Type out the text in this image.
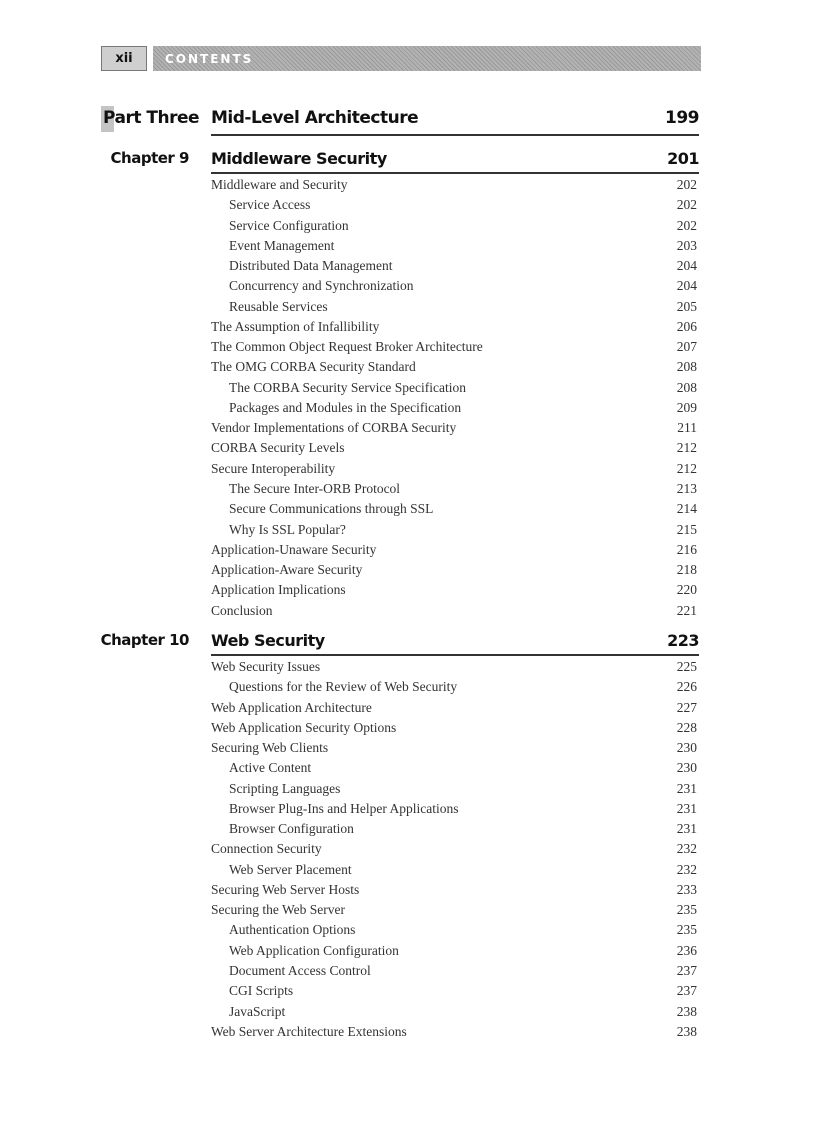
xii	CONTENTS
Part Three Mid-Level Architecture	199
Chapter 9 Middleware Security	201
Middleware and Security	202
Service Access	202
Service Configuration	202
Event Management	203
Distributed Data Management	204
Concurrency and Synchronization	204
Reusable Services	205
The Assumption of Infallibility	206
The Common Object Request Broker Architecture	207
The OMG CORBA Security Standard	208
The CORBA Security Service Specification	208
Packages and Modules in the Specification	209
Vendor Implementations of CORBA Security	211
CORBA Security Levels	212
Secure Interoperability	212
The Secure Inter-ORB Protocol	213
Secure Communications through SSL	214
Why Is SSL Popular?	215
Application-Unaware Security	216
Application-Aware Security	218
Application Implications	220
Conclusion	221
Chapter 10 Web Security	223
Web Security Issues	225
Questions for the Review of Web Security	226
Web Application Architecture	227
Web Application Security Options	228
Securing Web Clients	230
Active Content	230
Scripting Languages	231
Browser Plug-Ins and Helper Applications	231
Browser Configuration	231
Connection Security	232
Web Server Placement	232
Securing Web Server Hosts	233
Securing the Web Server	235
Authentication Options	235
Web Application Configuration	236
Document Access Control	237
CGI Scripts	237
JavaScript	238
Web Server Architecture Extensions	238
